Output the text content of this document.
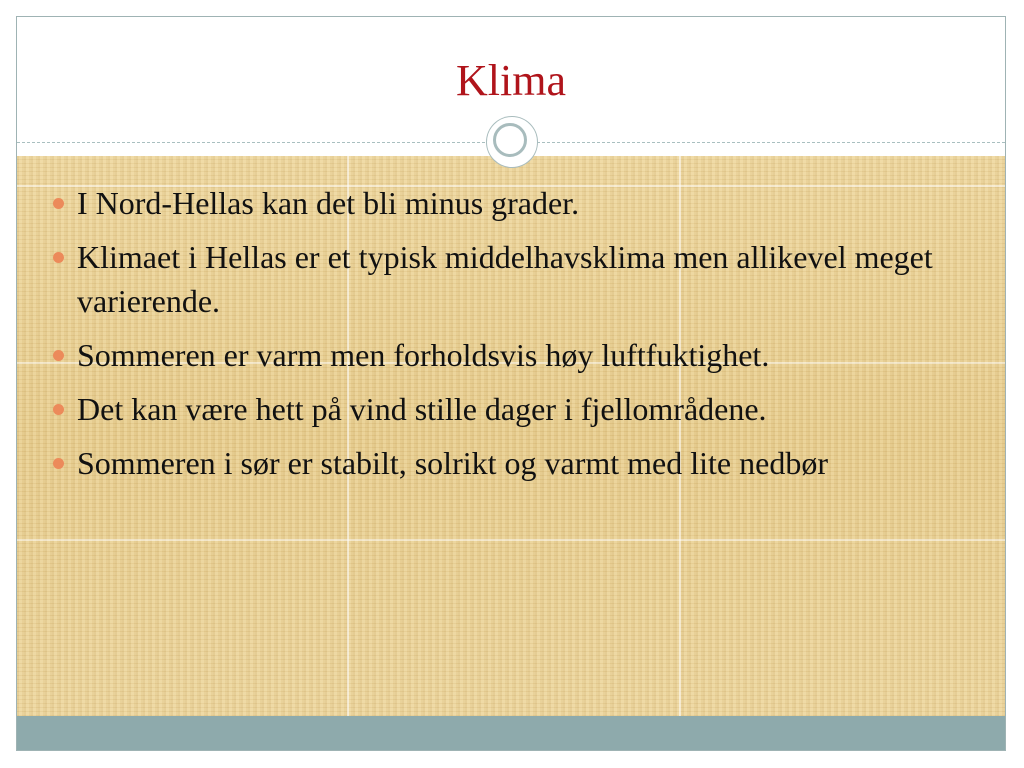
Klima
I Nord-Hellas kan det bli minus grader.
Klimaet i Hellas er et typisk middelhavsklima men allikevel meget varierende.
Sommeren er varm men forholdsvis høy luftfuktighet.
Det kan være hett på vind stille dager i fjellområdene.
Sommeren i sør er stabilt, solrikt og varmt med lite nedbør
